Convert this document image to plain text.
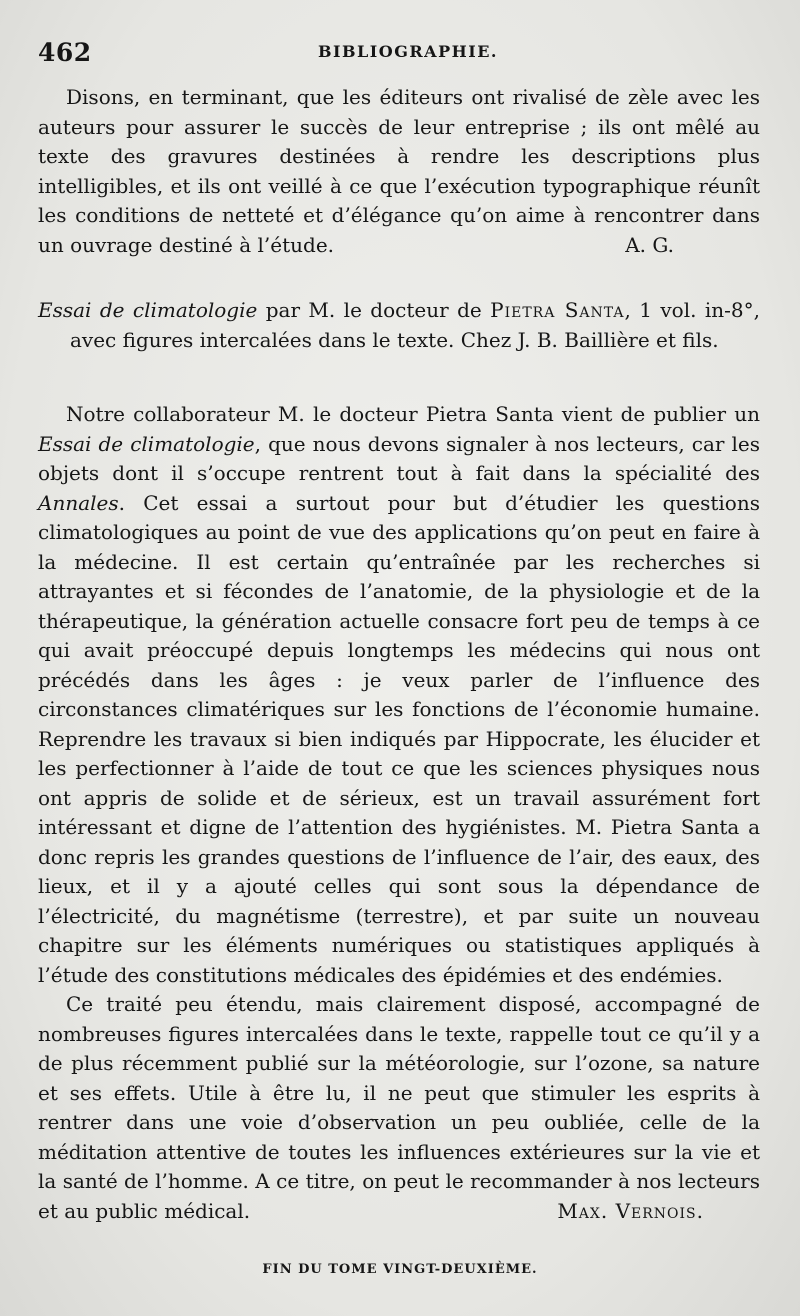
462	BIBLIOGRAPHIE.

Disons, en terminant, que les éditeurs ont rivalisé de zèle avec les auteurs pour assurer le succès de leur entreprise ; ils ont mêlé au texte des gravures destinées à rendre les descriptions plus intelligibles, et ils ont veillé à ce que l’exécution typographique réunît les conditions de netteté et d’élégance qu’on aime à rencontrer dans un ouvrage destiné à l’étude.	A. G.

Essai de climatologie par M. le docteur de Pietra Santa, 1 vol. in-8°, avec figures intercalées dans le texte. Chez J. B. Baillière et fils.

Notre collaborateur M. le docteur Pietra Santa vient de publier un Essai de climatologie, que nous devons signaler à nos lecteurs, car les objets dont il s’occupe rentrent tout à fait dans la spécialité des Annales. Cet essai a surtout pour but d’étudier les questions climatologiques au point de vue des applications qu’on peut en faire à la médecine. Il est certain qu’entraînée par les recherches si attrayantes et si fécondes de l’anatomie, de la physiologie et de la thérapeutique, la génération actuelle consacre fort peu de temps à ce qui avait préoccupé depuis longtemps les médecins qui nous ont précédés dans les âges : je veux parler de l’influence des circonstances climatériques sur les fonctions de l’économie humaine. Reprendre les travaux si bien indiqués par Hippocrate, les élucider et les perfectionner à l’aide de tout ce que les sciences physiques nous ont appris de solide et de sérieux, est un travail assurément fort intéressant et digne de l’attention des hygiénistes. M. Pietra Santa a donc repris les grandes questions de l’influence de l’air, des eaux, des lieux, et il y a ajouté celles qui sont sous la dépendance de l’électricité, du magnétisme (terrestre), et par suite un nouveau chapitre sur les éléments numériques ou statistiques appliqués à l’étude des constitutions médicales des épidémies et des endémies.

Ce traité peu étendu, mais clairement disposé, accompagné de nombreuses figures intercalées dans le texte, rappelle tout ce qu’il y a de plus récemment publié sur la météorologie, sur l’ozone, sa nature et ses effets. Utile à être lu, il ne peut que stimuler les esprits à rentrer dans une voie d’observation un peu oubliée, celle de la méditation attentive de toutes les influences extérieures sur la vie et la santé de l’homme. A ce titre, on peut le recommander à nos lecteurs et au public médical.	Max. Vernois.

FIN DU TOME VINGT-DEUXIÈME.
